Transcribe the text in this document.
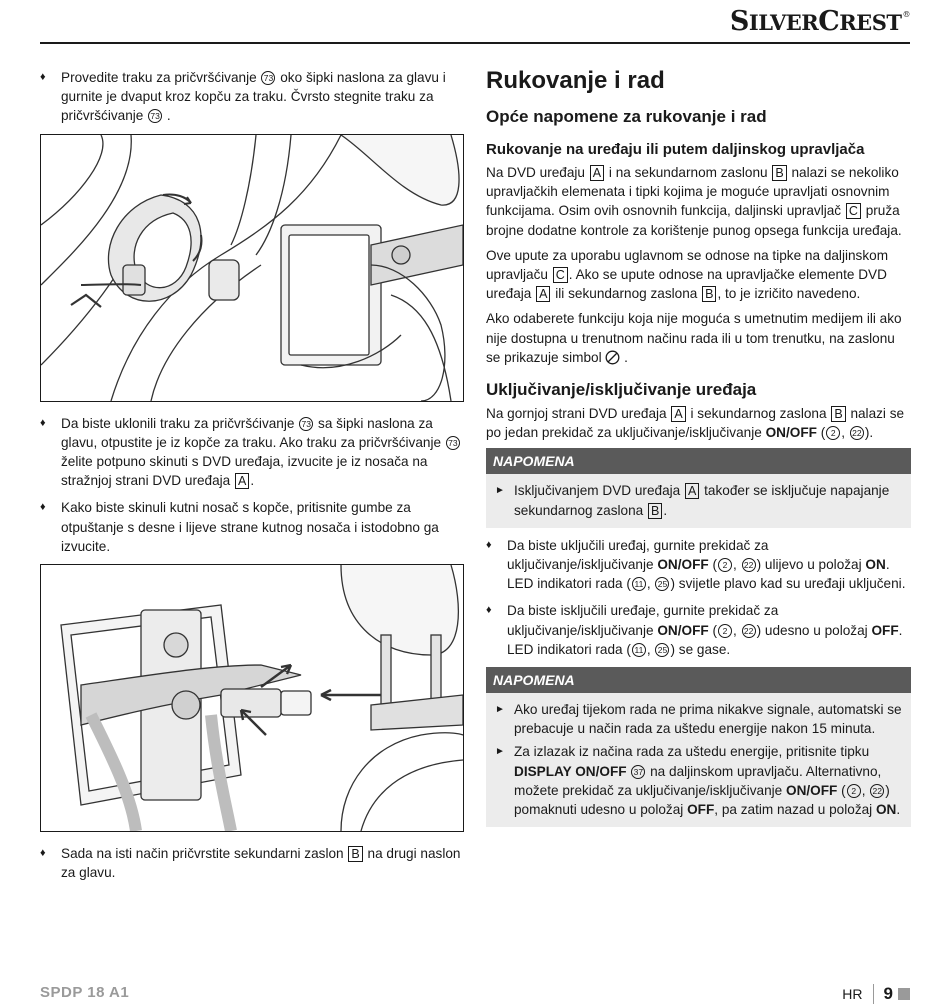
SILVERCREST®
♦ Provedite traku za pričvršćivanje 73 oko šipki naslona za glavu i gurnite je dvaput kroz kopču za traku. Čvrsto stegnite traku za pričvršćivanje 73 .
♦ Da biste uklonili traku za pričvršćivanje 73 sa šipki naslona za glavu, otpustite je iz kopče za traku. Ako traku za pričvršćivanje 73 želite potpuno skinuti s DVD uređaja, izvucite je iz nosača na stražnjoj strani DVD uređaja A .
♦ Kako biste skinuli kutni nosač s kopče, pritisnite gumbe za otpuštanje s desne i lijeve strane kutnog nosača i istodobno ga izvucite.
♦ Sada na isti način pričvrstite sekundarni zaslon B na drugi naslon za glavu.
Rukovanje i rad
Opće napomene za rukovanje i rad
Rukovanje na uređaju ili putem daljinskog upravljača

Na DVD uređaju A i na sekundarnom zaslonu B nalazi se nekoliko upravljačkih elemenata i tipki kojima je moguće upravljati osnovnim funkcijama. Osim ovih osnovnih funkcija, daljinski upravljač C pruža brojne dodatne kontrole za korištenje punog opsega funkcija uređaja.

Ove upute za uporabu uglavnom se odnose na tipke na daljinskom upravljaču C . Ako se upute odnose na upravljačke elemente DVD uređaja A ili sekundarnog zaslona B , to je izričito navedeno.

Ako odaberete funkciju koja nije moguća s umetnutim medijem ili ako nije dostupna u trenutnom načinu rada ili u tom trenutku, na zaslonu se prikazuje simbol .

Uključivanje/isključivanje uređaja

Na gornjoj strani DVD uređaja A i sekundarnog zaslona B nalazi se po jedan prekidač za uključivanje/isključivanje ON/OFF ( 2 , 22 ).

NAPOMENA
► Isključivanjem DVD uređaja A također se isključuje napajanje sekundarnog zaslona B .
♦ Da biste uključili uređaj, gurnite prekidač za uključivanje/isključivanje ON/OFF ( 2 , 22 ) ulijevo u položaj ON.
LED indikatori rada ( 11 , 25 ) svijetle plavo kad su uređaji uključeni.
♦ Da biste isključili uređaje, gurnite prekidač za uključivanje/isključivanje ON/OFF ( 2 , 22 ) udesno u položaj OFF.
LED indikatori rada ( 11 , 25 ) se gase.
NAPOMENA
► Ako uređaj tijekom rada ne prima nikakve signale, automatski se prebacuje u način rada za uštedu energije nakon 15 minuta.
► Za izlazak iz načina rada za uštedu energije, pritisnite tipku DISPLAY ON/OFF 37 na daljinskom upravljaču. Alternativno, možete prekidač za uključivanje/isključivanje ON/OFF ( 2 , 22 ) pomaknuti udesno u položaj OFF, pa zatim nazad u položaj ON.
SPDP 18 A1	HR	9
